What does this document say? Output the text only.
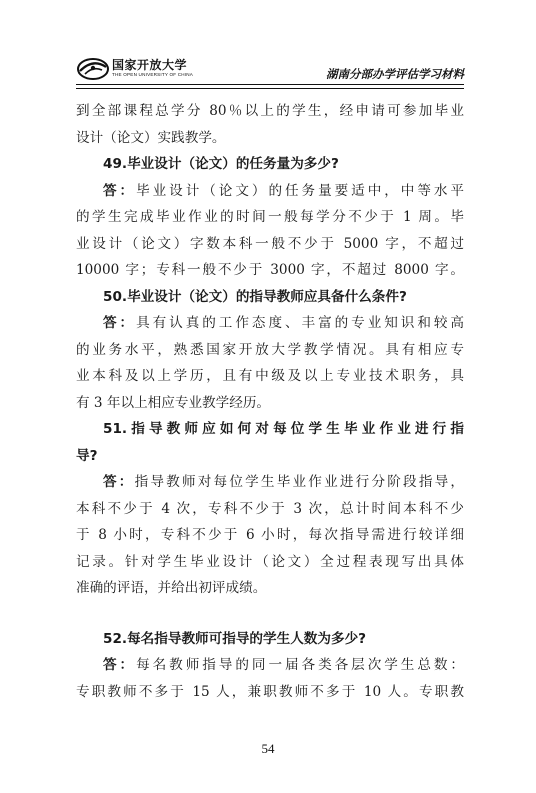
国家开放大学
THE OPEN UNIVERSITY OF CHINA	湖南分部办学评估学习材料
到全部课程总学分 80％以上的学生，经申请可参加毕业
设计（论文）实践教学。
49.毕业设计（论文）的任务量为多少?
答：毕业设计（论文）的任务量要适中，中等水平
的学生完成毕业作业的时间一般每学分不少于 1 周。毕
业设计（论文）字数本科一般不少于 5000 字，不超过
10000 字；专科一般不少于 3000 字，不超过 8000 字。
50.毕业设计（论文）的指导教师应具备什么条件?
答：具有认真的工作态度、丰富的专业知识和较高
的业务水平，熟悉国家开放大学教学情况。具有相应专
业本科及以上学历，且有中级及以上专业技术职务，具
有 3 年以上相应专业教学经历。
51.指导教师应如何对每位学生毕业作业进行指
导?
答：指导教师对每位学生毕业作业进行分阶段指导，
本科不少于 4 次，专科不少于 3 次，总计时间本科不少
于 8 小时，专科不少于 6 小时，每次指导需进行较详细
记录。针对学生毕业设计（论文）全过程表现写出具体
准确的评语，并给出初评成绩。
52.每名指导教师可指导的学生人数为多少?
答：每名教师指导的同一届各类各层次学生总数：
专职教师不多于 15 人，兼职教师不多于 10 人。专职教
54
